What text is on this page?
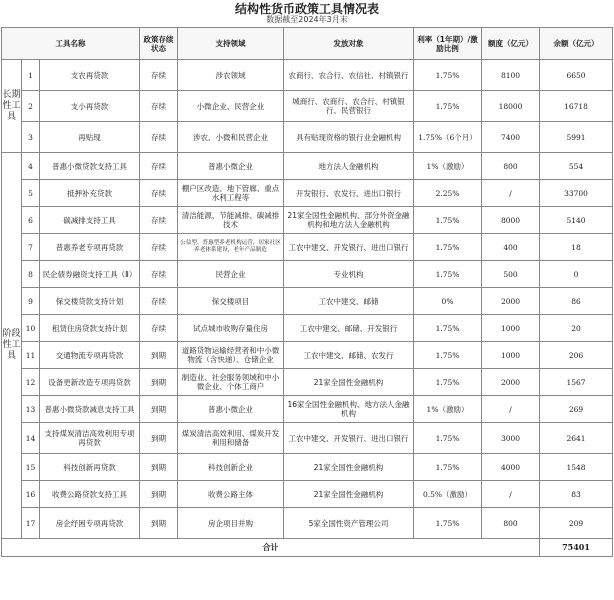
结构性货币政策工具情况表
数据截至2024年3月末
工具名称			政策存续状态	支持领域	发放对象	利率（1年期）/激励比例	额度（亿元）	余额（亿元）
长期性工具	1	支农再贷款	存续	涉农领域	农商行、农合行、农信社、村镇银行	1.75%	8100	6650
	2	支小再贷款	存续	小微企业、民营企业	城商行、农商行、农合行、村镇银行、民营银行	1.75%	18000	16718
	3	再贴现	存续	涉农、小微和民营企业	具有贴现资格的银行业金融机构	1.75%（6个月）	7400	5991
阶段性工具	4	普惠小微贷款支持工具	存续	普惠小微企业	地方法人金融机构	1%（激励）	800	554
	5	抵押补充贷款	存续	棚户区改造、地下管廊、重点水利工程等	开发银行、农发行、进出口银行	2.25%	/	33700
	6	碳减排支持工具	存续	清洁能源、节能减排、碳减排技术	21家全国性金融机构、部分外资金融机构和地方法人金融机构	1.75%	8000	5140
	7	普惠养老专项再贷款	存续	公益型、普惠型养老机构运营，居家社区养老体系建设，老年产品制造	工农中建交、开发银行、进出口银行	1.75%	400	18
	8	民企债券融资支持工具（Ⅱ）	存续	民营企业	专业机构	1.75%	500	0
	9	保交楼贷款支持计划	存续	保交楼项目	工农中建交、邮储	0%	2000	86
	10	租赁住房贷款支持计划	存续	试点城市收购存量住房	工农中建交、邮储、开发银行	1.75%	1000	20
	11	交通物流专项再贷款	到期	道路货物运输经营者和中小微物流（含快递）、仓储企业	工农中建交、邮储、农发行	1.75%	1000	206
	12	设备更新改造专项再贷款	到期	制造业、社会服务领域和中小微企业、个体工商户	21家全国性金融机构	1.75%	2000	1567
	13	普惠小微贷款减息支持工具	到期	普惠小微企业	16家全国性金融机构、地方法人金融机构	1%（激励）	/	269
	14	支持煤炭清洁高效利用专项再贷款	到期	煤炭清洁高效利用、煤炭开发利用和储备	工农中建交、开发银行、进出口银行	1.75%	3000	2641
	15	科技创新再贷款	到期	科技创新企业	21家全国性金融机构	1.75%	4000	1548
	16	收费公路贷款支持工具	到期	收费公路主体	21家全国性金融机构	0.5%（激励）	/	83
	17	房企纾困专项再贷款	到期	房企项目并购	5家全国性资产管理公司	1.75%	800	209
合计								75401
